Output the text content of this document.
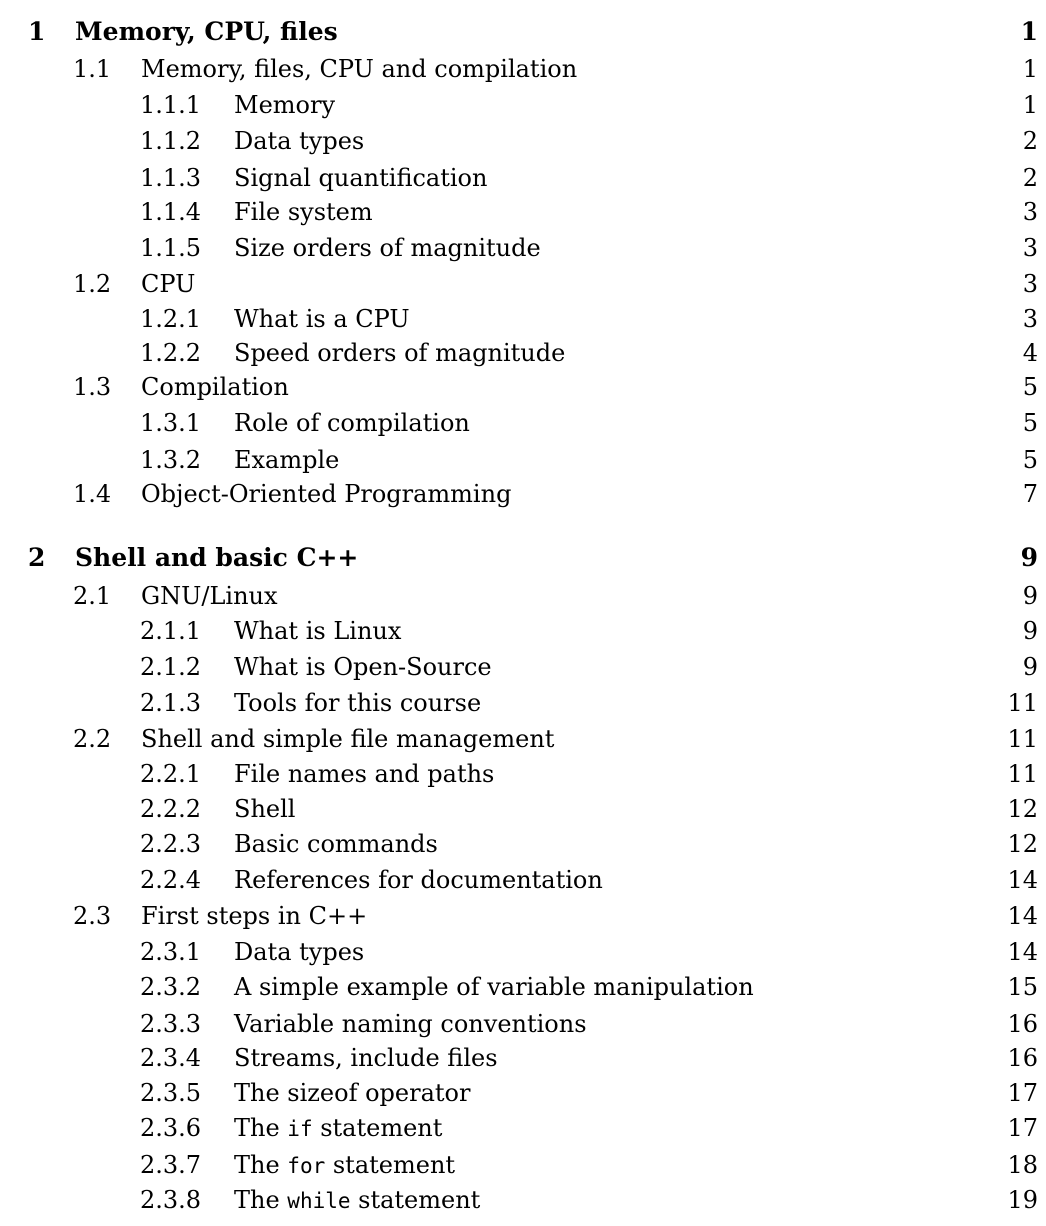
1	Memory, CPU, files	1
1.1	Memory, files, CPU and compilation	1
1.1.1	Memory	1
1.1.2	Data types	2
1.1.3	Signal quantification	2
1.1.4	File system	3
1.1.5	Size orders of magnitude	3
1.2	CPU	3
1.2.1	What is a CPU	3
1.2.2	Speed orders of magnitude	4
1.3	Compilation	5
1.3.1	Role of compilation	5
1.3.2	Example	5
1.4	Object-Oriented Programming	7
2	Shell and basic C++	9
2.1	GNU/Linux	9
2.1.1	What is Linux	9
2.1.2	What is Open-Source	9
2.1.3	Tools for this course	11
2.2	Shell and simple file management	11
2.2.1	File names and paths	11
2.2.2	Shell	12
2.2.3	Basic commands	12
2.2.4	References for documentation	14
2.3	First steps in C++	14
2.3.1	Data types	14
2.3.2	A simple example of variable manipulation	15
2.3.3	Variable naming conventions	16
2.3.4	Streams, include files	16
2.3.5	The sizeof operator	17
2.3.6	The if statement	17
2.3.7	The for statement	18
2.3.8	The while statement	19
